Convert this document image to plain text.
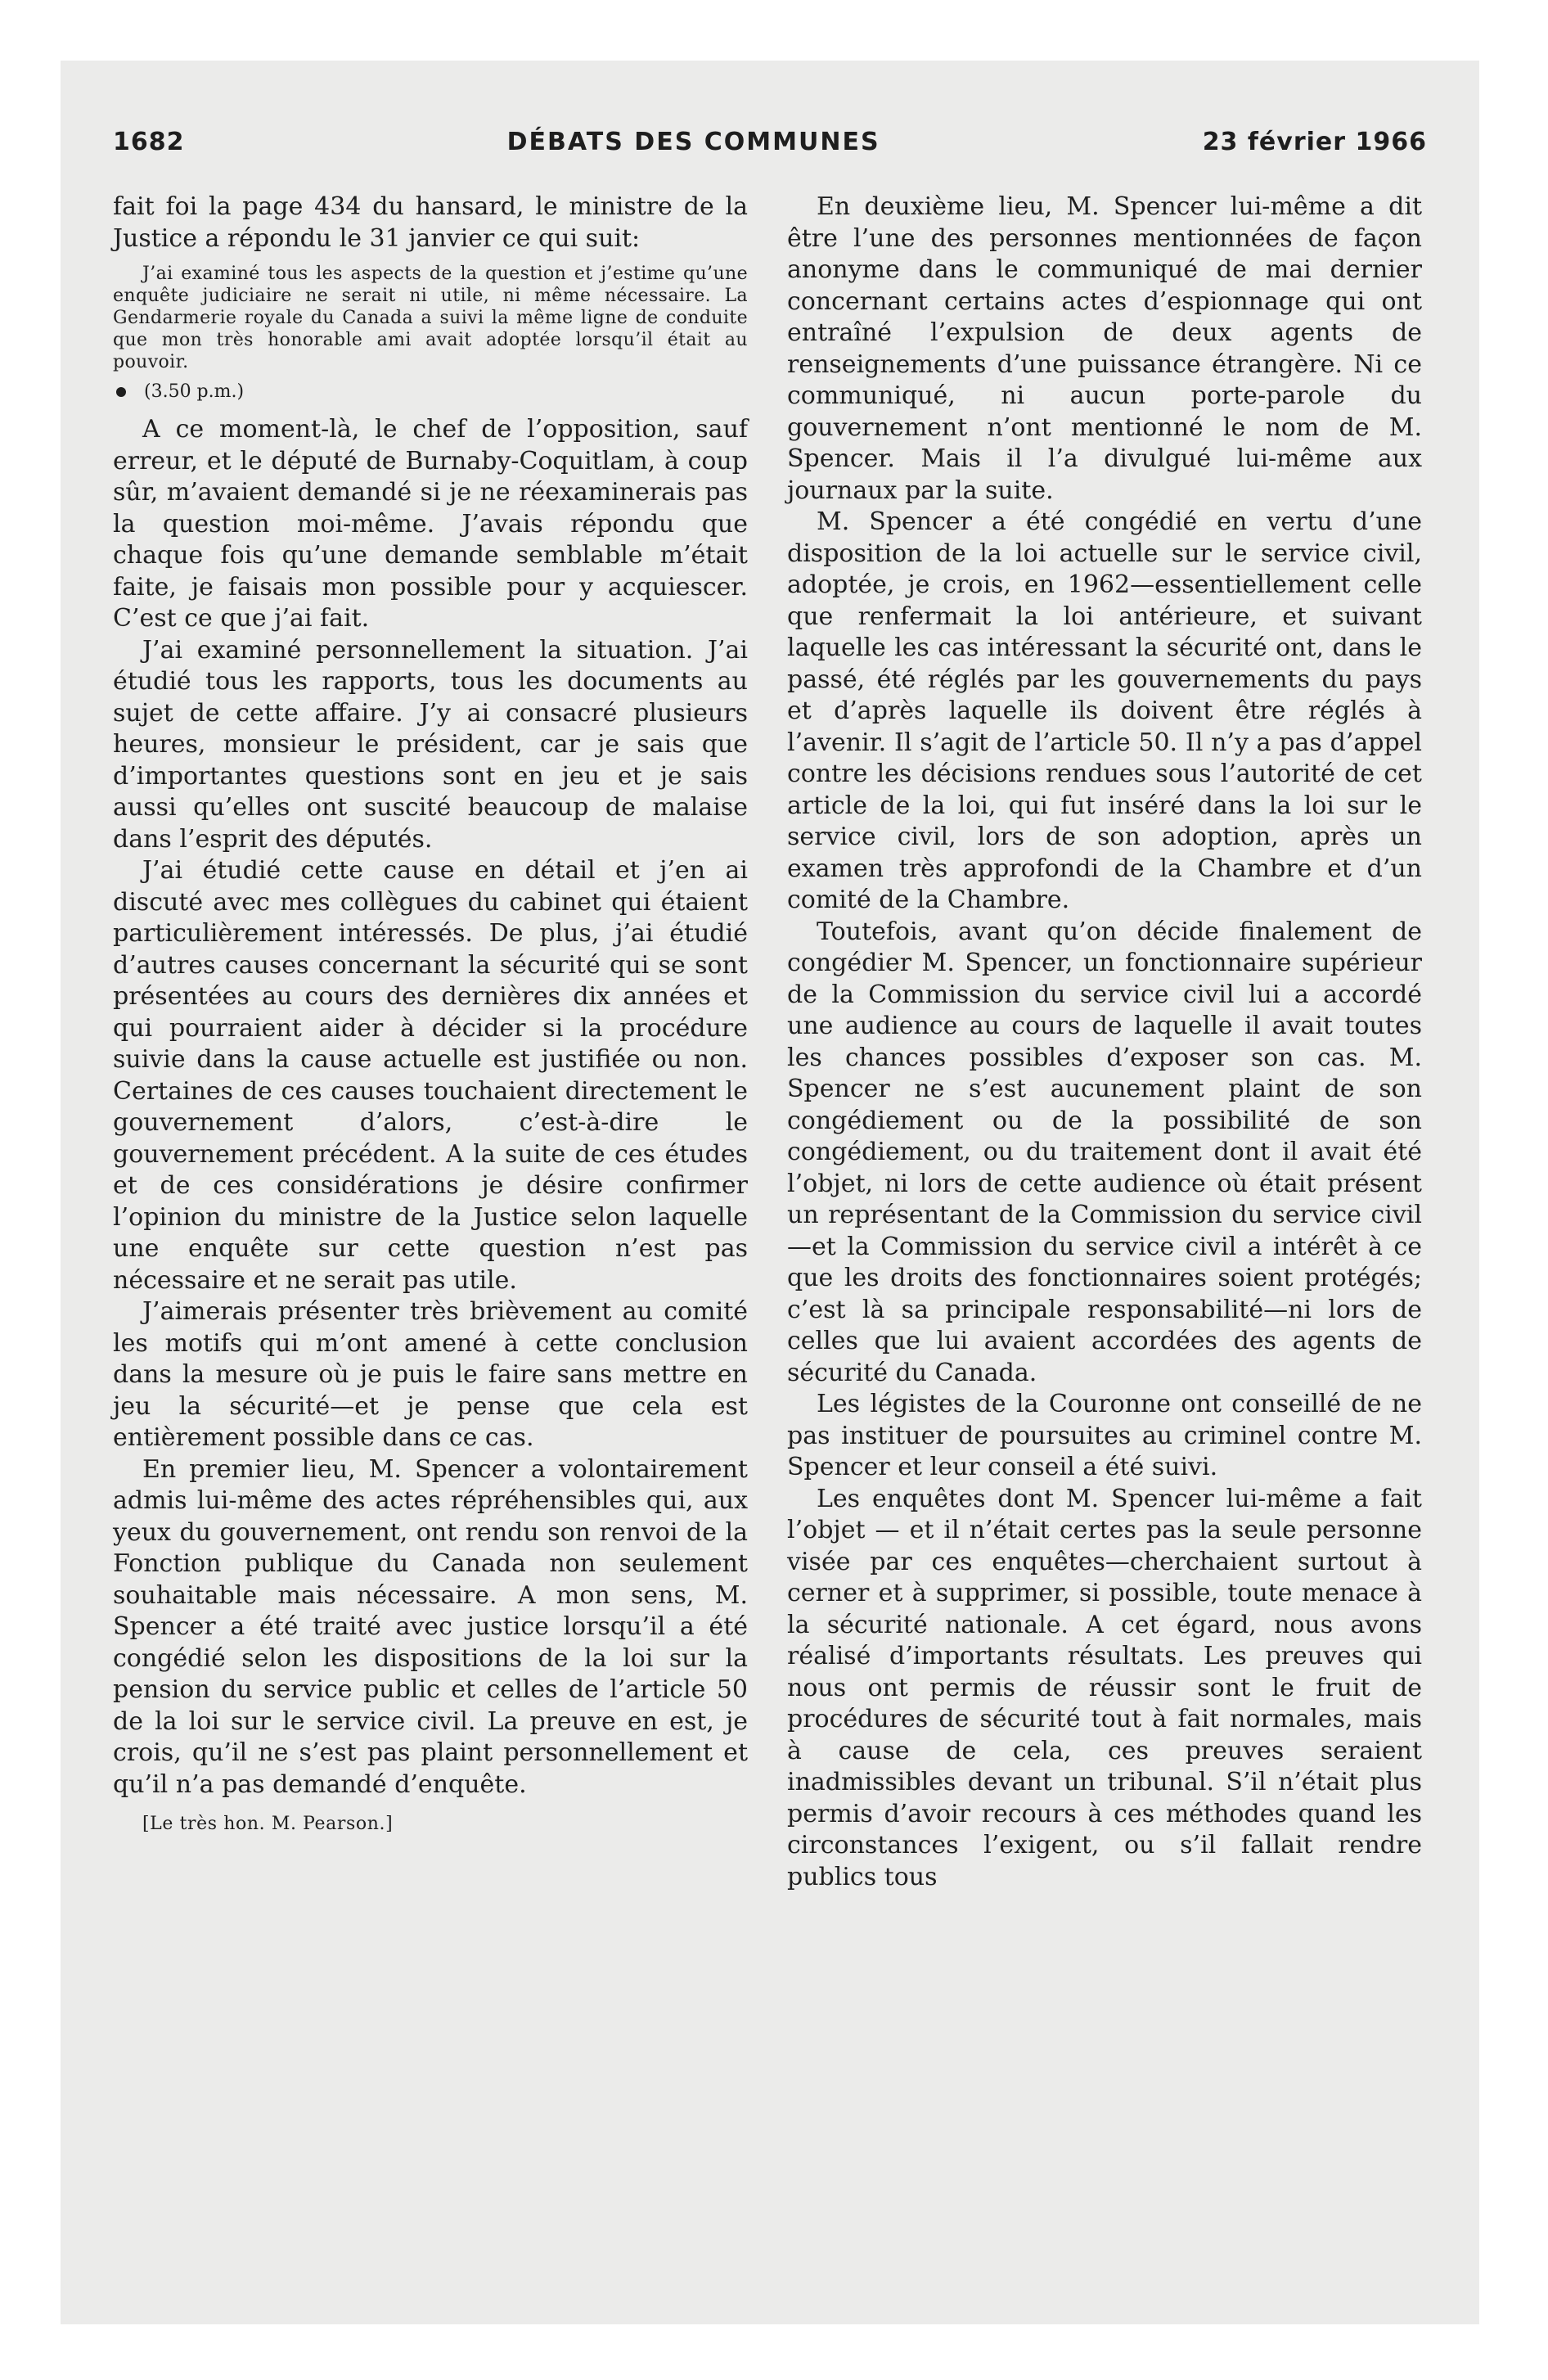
1682	DÉBATS DES COMMUNES	23 février 1966

fait foi la page 434 du hansard, le ministre de la Justice a répondu le 31 janvier ce qui suit:

J’ai examiné tous les aspects de la question et j’estime qu’une enquête judiciaire ne serait ni utile, ni même nécessaire. La Gendarmerie royale du Canada a suivi la même ligne de conduite que mon très honorable ami avait adoptée lorsqu’il était au pouvoir.

(3.50 p.m.)

A ce moment-là, le chef de l’opposition, sauf erreur, et le député de Burnaby-Coquitlam, à coup sûr, m’avaient demandé si je ne réexaminerais pas la question moi-même. J’avais répondu que chaque fois qu’une demande semblable m’était faite, je faisais mon possible pour y acquiescer. C’est ce que j’ai fait.

J’ai examiné personnellement la situation. J’ai étudié tous les rapports, tous les documents au sujet de cette affaire. J’y ai consacré plusieurs heures, monsieur le président, car je sais que d’importantes questions sont en jeu et je sais aussi qu’elles ont suscité beaucoup de malaise dans l’esprit des députés.

J’ai étudié cette cause en détail et j’en ai discuté avec mes collègues du cabinet qui étaient particulièrement intéressés. De plus, j’ai étudié d’autres causes concernant la sécurité qui se sont présentées au cours des dernières dix années et qui pourraient aider à décider si la procédure suivie dans la cause actuelle est justifiée ou non. Certaines de ces causes touchaient directement le gouvernement d’alors, c’est-à-dire le gouvernement précédent. A la suite de ces études et de ces considérations je désire confirmer l’opinion du ministre de la Justice selon laquelle une enquête sur cette question n’est pas nécessaire et ne serait pas utile.

J’aimerais présenter très brièvement au comité les motifs qui m’ont amené à cette conclusion dans la mesure où je puis le faire sans mettre en jeu la sécurité—et je pense que cela est entièrement possible dans ce cas.

En premier lieu, M. Spencer a volontairement admis lui-même des actes répréhensibles qui, aux yeux du gouvernement, ont rendu son renvoi de la Fonction publique du Canada non seulement souhaitable mais nécessaire. A mon sens, M. Spencer a été traité avec justice lorsqu’il a été congédié selon les dispositions de la loi sur la pension du service public et celles de l’article 50 de la loi sur le service civil. La preuve en est, je crois, qu’il ne s’est pas plaint personnellement et qu’il n’a pas demandé d’enquête.

[Le très hon. M. Pearson.]

En deuxième lieu, M. Spencer lui-même a dit être l’une des personnes mentionnées de façon anonyme dans le communiqué de mai dernier concernant certains actes d’espionnage qui ont entraîné l’expulsion de deux agents de renseignements d’une puissance étrangère. Ni ce communiqué, ni aucun porte-parole du gouvernement n’ont mentionné le nom de M. Spencer. Mais il l’a divulgué lui-même aux journaux par la suite.

M. Spencer a été congédié en vertu d’une disposition de la loi actuelle sur le service civil, adoptée, je crois, en 1962—essentiellement celle que renfermait la loi antérieure, et suivant laquelle les cas intéressant la sécurité ont, dans le passé, été réglés par les gouvernements du pays et d’après laquelle ils doivent être réglés à l’avenir. Il s’agit de l’article 50. Il n’y a pas d’appel contre les décisions rendues sous l’autorité de cet article de la loi, qui fut inséré dans la loi sur le service civil, lors de son adoption, après un examen très approfondi de la Chambre et d’un comité de la Chambre.

Toutefois, avant qu’on décide finalement de congédier M. Spencer, un fonctionnaire supérieur de la Commission du service civil lui a accordé une audience au cours de laquelle il avait toutes les chances possibles d’exposer son cas. M. Spencer ne s’est aucunement plaint de son congédiement ou de la possibilité de son congédiement, ou du traitement dont il avait été l’objet, ni lors de cette audience où était présent un représentant de la Commission du service civil—et la Commission du service civil a intérêt à ce que les droits des fonctionnaires soient protégés; c’est là sa principale responsabilité—ni lors de celles que lui avaient accordées des agents de sécurité du Canada.

Les légistes de la Couronne ont conseillé de ne pas instituer de poursuites au criminel contre M. Spencer et leur conseil a été suivi.

Les enquêtes dont M. Spencer lui-même a fait l’objet — et il n’était certes pas la seule personne visée par ces enquêtes—cherchaient surtout à cerner et à supprimer, si possible, toute menace à la sécurité nationale. A cet égard, nous avons réalisé d’importants résultats. Les preuves qui nous ont permis de réussir sont le fruit de procédures de sécurité tout à fait normales, mais à cause de cela, ces preuves seraient inadmissibles devant un tribunal. S’il n’était plus permis d’avoir recours à ces méthodes quand les circonstances l’exigent, ou s’il fallait rendre publics tous
